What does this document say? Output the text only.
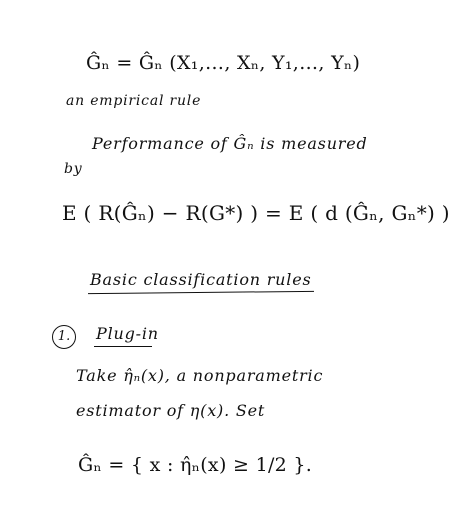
Ĝₙ = Ĝₙ (X₁,…, Xₙ, Y₁,…, Yₙ)
an empirical rule
Performance of Ĝₙ is measured
by
E ( R(Ĝₙ) − R(G*) ) = E ( d (Ĝₙ, Gₙ*) )
Basic classification rules
1.	Plug-in
Take η̂ₙ(x), a nonparametric
estimator of η(x). Set
Ĝₙ = { x : η̂ₙ(x) ≥ 1/2 }.
